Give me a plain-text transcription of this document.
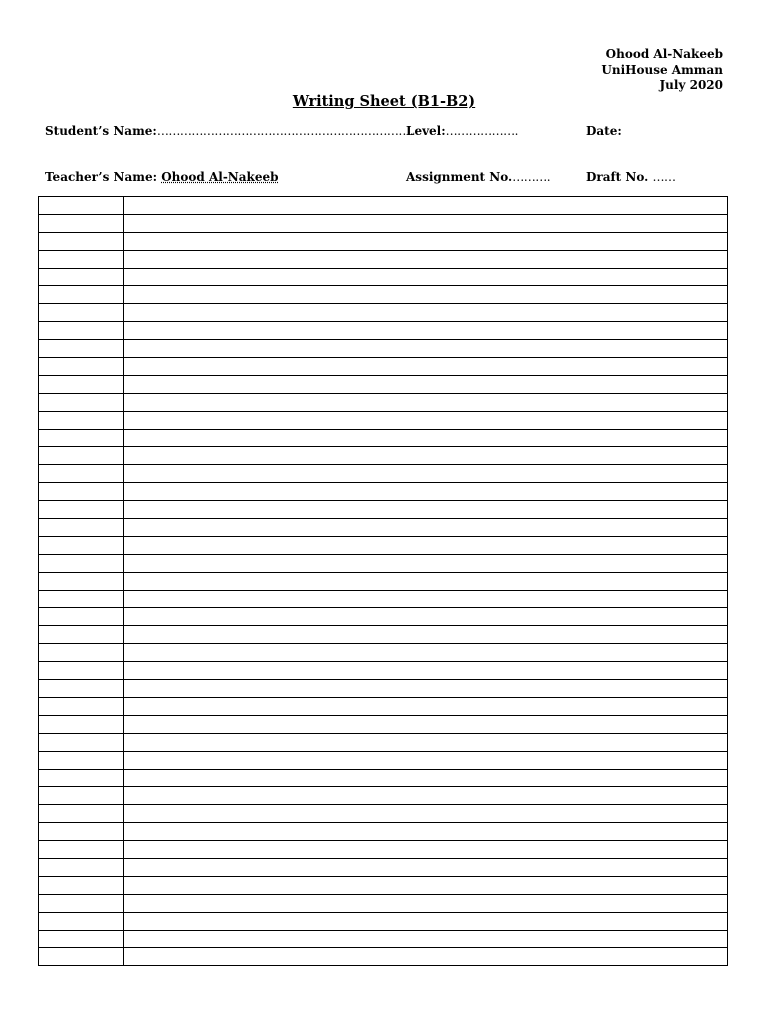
Ohood Al-Nakeeb
UniHouse Amman
July 2020
Writing Sheet (B1-B2)
Student’s Name:………………………………………………………….
Level:……………….	Date:
Teacher’s Name: Ohood Al-Nakeeb	Assignment No.……….	Draft No. ……
